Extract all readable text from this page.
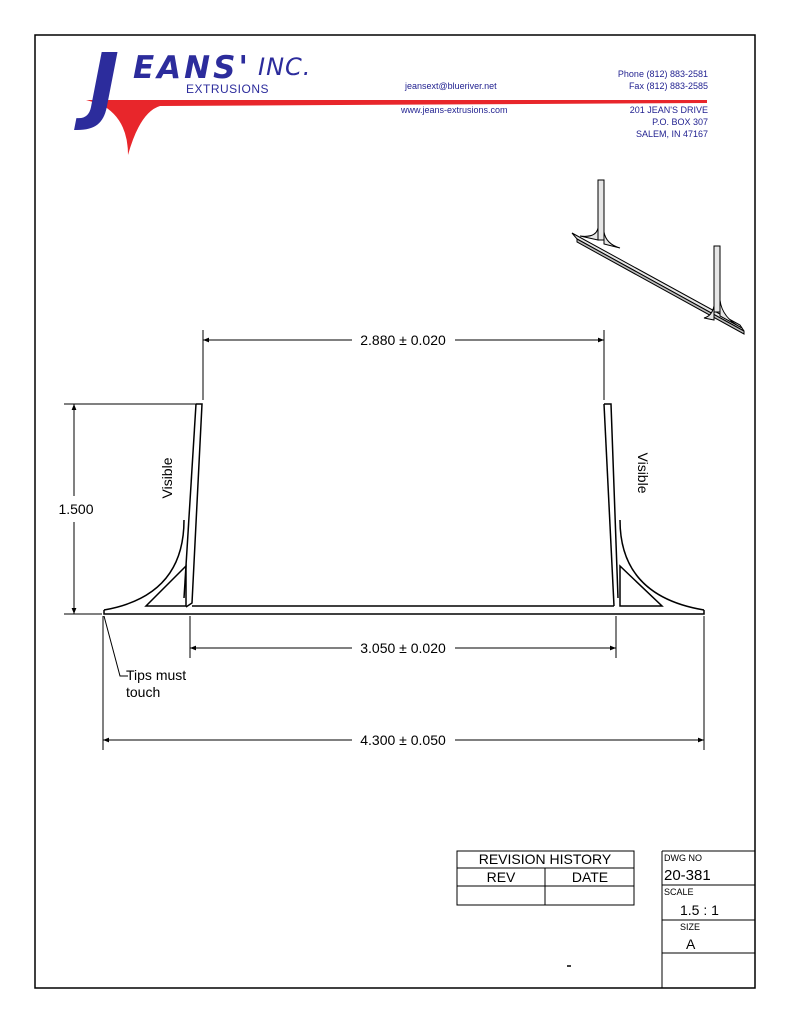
2.880 ± 0.020
1.500
3.050 ± 0.020
4.300 ± 0.050
Visible	Visible
Tips must
touch
REVISION HISTORY
REV	DATE
J EANS' INC.
EXTRUSIONS	jeansext@blueriver.net
www.jeans-extrusions.com
Phone (812) 883-2581
Fax (812) 883-2585
201 JEAN'S DRIVE
P.O. BOX 307
SALEM, IN 47167
DWG NO
20-381
SCALE
1.5 : 1
SIZE
A
